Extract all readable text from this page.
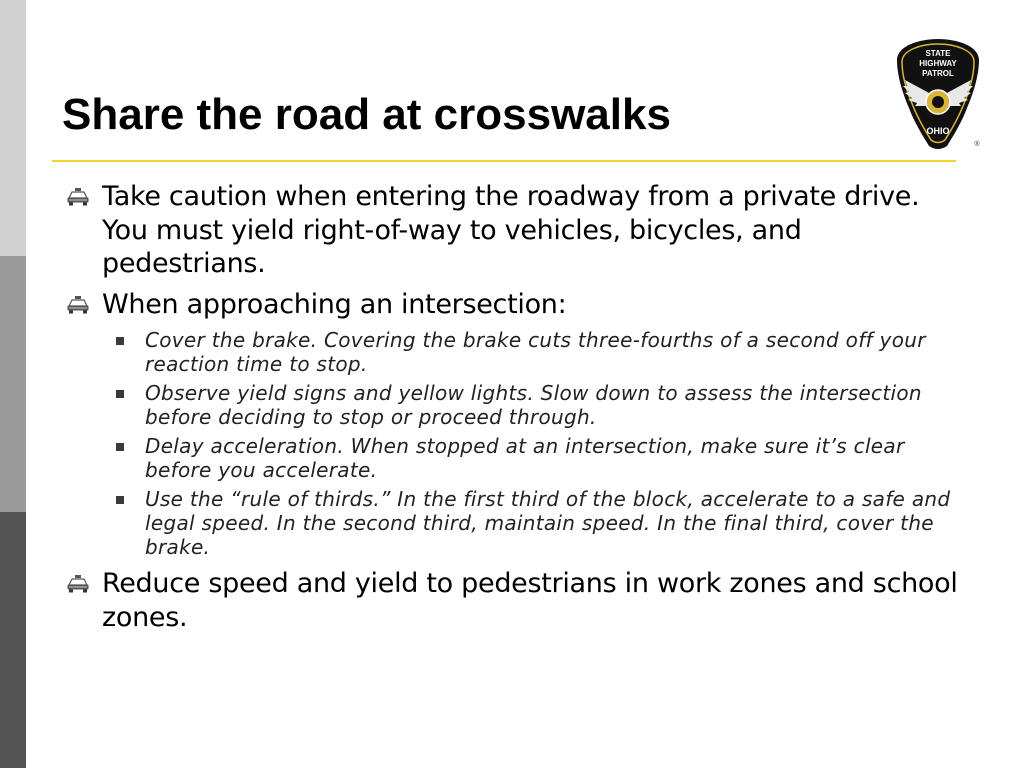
Share the road at crosswalks
STATE
HIGHWAY
PATROL
OHIO
®
Take caution when entering the roadway from a private drive. You must yield right-of-way to vehicles, bicycles, and pedestrians.
When approaching an intersection:
Cover the brake. Covering the brake cuts three-fourths of a second off your reaction time to stop.
Observe yield signs and yellow lights. Slow down to assess the intersection before deciding to stop or proceed through.
Delay acceleration. When stopped at an intersection, make sure it’s clear before you accelerate.
Use the “rule of thirds.” In the first third of the block, accelerate to a safe and legal speed. In the second third, maintain speed. In the final third, cover the brake.
Reduce speed and yield to pedestrians in work zones and school zones.
